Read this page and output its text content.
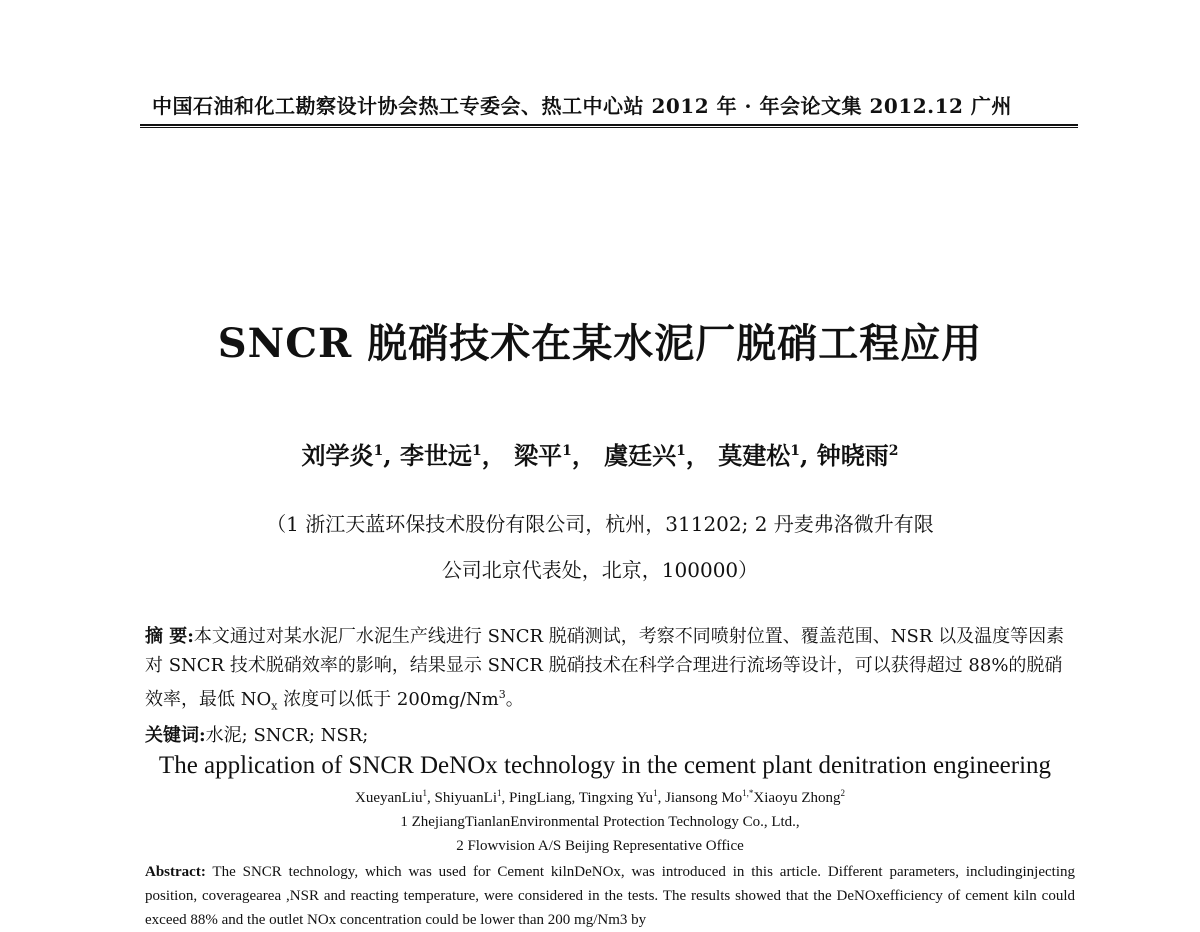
中国石油和化工勘察设计协会热工专委会、热工中心站 2012 年 · 年会论文集 2012.12 广州
SNCR 脱硝技术在某水泥厂脱硝工程应用
刘学炎$^1$, 李世远$^1$， 梁平$^1$， 虞廷兴$^1$， 莫建松$^1$, 钟晓雨$^2$
（1 浙江天蓝环保技术股份有限公司，杭州，311202; 2 丹麦弗洛微升有限
公司北京代表处，北京，100000）
摘 要:本文通过对某水泥厂水泥生产线进行 SNCR 脱硝测试，考察不同喷射位置、覆盖范围、NSR 以及温度等因素对 SNCR 技术脱硝效率的影响，结果显示 SNCR 脱硝技术在科学合理进行流场等设计，可以获得超过 88%的脱硝效率，最低 $NO_x$ 浓度可以低于 200mg/Nm$^3$。
关键词:水泥; SNCR; NSR;
The application of SNCR DeNOx technology in the cement plant denitration engineering
XueyanLiu$^1$, ShiyuanLi$^1$, PingLiang, Tingxing Yu$^1$, Jiansong $Mo^{1,*}Xiaoyu$ Zhong$^2$
1 ZhejiangTianlanEnvironmental Protection Technology Co., Ltd.,
2 Flowvision A/S Beijing Representative Office
Abstract: The SNCR technology, which was used for Cement kilnDeNOx, was introduced in this article. Different parameters, includinginjecting position, coveragearea ,NSR and reacting temperature, were considered in the tests. The results showed that the DeNOxefficiency of cement kiln could exceed 88% and the outlet NOx concentration could be lower than 200 mg/Nm3 by
